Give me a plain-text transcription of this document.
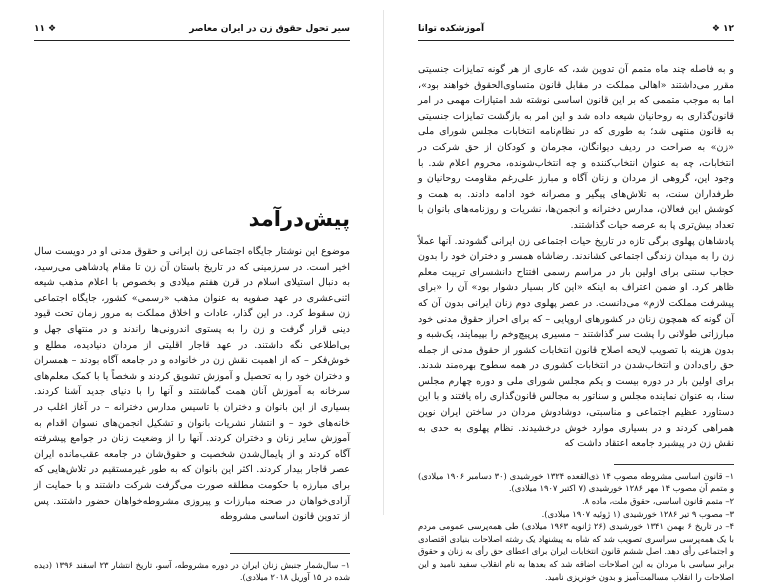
سیر تحول حقوق زن در ایران معاصر
❖۱۱
پیش‌درآمد

موضوع این نوشتار جایگاه اجتماعی زن ایرانی و حقوق مدنی او در دویست سال اخیر است. در سرزمینی که در تاریخ باستان آن زن تا مقام پادشاهی می‌رسید، به دنبال استیلای اسلام در قرن هفتم میلادی و بخصوص با اعلام مذهب شیعه اثنی‌عشری در عهد صفویه به عنوان مذهب «رسمی» کشور، جایگاه اجتماعی زن سقوط کرد. در این گذار، عادات و اخلاق مملکت به مرور زمان تحت قیود دینی قرار گرفت و زن را به پستوی اندرونی‌ها راندند و در منتهای جهل و بی‌اطلاعی نگه داشتند. در عهد قاجار اقلیتی از مردان دنیادیده، مطلع و خوش‌فکر – که از اهمیت نقش زن در خانواده و در جامعه آگاه بودند – همسران و دختران خود را به تحصیل و آموزش تشویق کردند و شخصاً یا با کمک معلم‌های سرخانه به آموزش آنان همت گماشتند و آنها را با دنیای جدید آشنا کردند. بسیاری از این بانوان و دختران با تاسیس مدارس دخترانه – در آغاز اغلب در خانه‌های خود – و انتشار نشریات بانوان و تشکیل انجمن‌های نسوان اقدام به آموزش سایر زنان و دختران کردند. آنها را از وضعیت زنان در جوامع پیشرفته آگاه کردند و از پایمال‌شدن شخصیت و حقوق‌شان در جامعه عقب‌مانده ایران عصر قاجار بیدار کردند. اکثر این بانوان که به طور غیرمستقیم در تلاش‌هایی که برای مبارزه با حکومت مطلقه صورت می‌گرفت شرکت داشتند و با حمایت از آزادی‌خواهان در صحنه مبارزات و پیروزی مشروطه‌خواهان حضور داشتند. پس از تدوین قانون اساسی مشروطه

۱– سال‌شمار جنبش زنان ایران در دوره مشروطه، آسو، تاریخ انتشار ۲۳ اسفند ۱۳۹۶ (دیده شده در ۱۵ آوریل ۲۰۱۸ میلادی).

آموزشکده توانا	۱۲❖

و به فاصله چند ماه متمم آن تدوین شد، که عاری از هر گونه تمایزات جنسیتی مقرر می‌داشتند «اهالی مملکت در مقابل قانون متساوی‌الحقوق خواهند بود»، اما به موجب متممی که بر این قانون اساسی نوشته شد امتیازات مهمی در امر قانون‌گذاری به روحانیان شیعه داده شد و این امر به بازگشت تمایزات جنسیتی به قانون منتهی شد؛ به طوری که در نظام‌نامه انتخابات مجلس شورای ملی «زن» به صراحت در ردیف دیوانگان، مجرمان و کودکان از حق شرکت در انتخابات، چه به عنوان انتخاب‌کننده و چه انتخاب‌شونده، محروم اعلام شد. با وجود این، گروهی از مردان و زنان آگاه و مبارز علی‌رغم مقاومت روحانیان و طرفداران سنت، به تلاش‌های پیگیر و مصرانه خود ادامه دادند. به همت و کوشش این فعالان، مدارس دخترانه و انجمن‌ها، نشریات و روزنامه‌های بانوان با تعداد بیش‌تری پا به عرصه حیات گذاشتند.

پادشاهان پهلوی برگی تازه در تاریخ حیات اجتماعی زن ایرانی گشودند. آنها عملاً زن را به میدان زندگی اجتماعی کشاندند. رضاشاه همسر و دختران خود را بدون حجاب سنتی برای اولین بار در مراسم رسمی افتتاح دانشسرای تربیت معلم ظاهر کرد. او ضمن اعتراف به اینکه «این کار بسیار دشوار بود» آن را «برای پیشرفت مملکت لازم» می‌دانست. در عصر پهلوی دوم زنان ایرانی بدون آن که آن گونه که همچون زنان در کشورهای اروپایی – که برای احراز حقوق مدنی خود مبارزاتی طولانی را پشت سر گذاشتند – مسیری پرپیچ‌وخم را بپیمایند، یک‌شبه و بدون هزینه با تصویب لایحه اصلاح قانون انتخابات کشور از حقوق مدنی از جمله حق رای‌دادن و انتخاب‌شدن در انتخابات کشوری در همه سطوح بهره‌مند شدند. برای اولین بار در دوره بیست و یکم مجلس شورای ملی و دوره چهارم مجلس سنا، به عنوان نماینده مجلس و سناتور به مجالس قانون‌گذاری راه یافتند و با این دستاورد عظیم اجتماعی و مناسبتی، دوشادوش مردان در ساختن ایران نوین همراهی کردند و در بسیاری موارد خوش درخشیدند. نظام پهلوی به حدی به نقش زن در پیشبرد جامعه اعتقاد داشت که

۱– قانون اساسی مشروطه مصوب ۱۴ ذی‌القعده ۱۳۲۴ خورشیدی (۳۰ دسامبر ۱۹۰۶ میلادی) و متمم آن مصوب ۱۴ مهر ۱۲۸۶ خورشیدی (۷ اکتبر ۱۹۰۷ میلادی).

۲– متمم قانون اساسی، حقوق ملت، ماده ۸.

۳– مصوب ۹ تیر ۱۲۸۶ خورشیدی (۱ ژوئیه ۱۹۰۷ میلادی).

۴– در تاریخ ۶ بهمن ۱۳۴۱ خورشیدی (۲۶ ژانویه ۱۹۶۳ میلادی) طی همه‌پرسی عمومی مردم با یک همه‌پرسی سراسری تصویب شد که شاه به پیشنهاد یک رشته اصلاحات بنیادی اقتصادی و اجتماعی رأی دهد. اصل ششم قانون انتخابات ایران برای اعطای حق رأی به زنان و حقوق برابر سیاسی با مردان به این اصلاحات اضافه شد که بعدها به نام انقلاب سفید نامید و این اصلاحات را انقلاب مسالمت‌آمیز و بدون خونریزی نامید.
